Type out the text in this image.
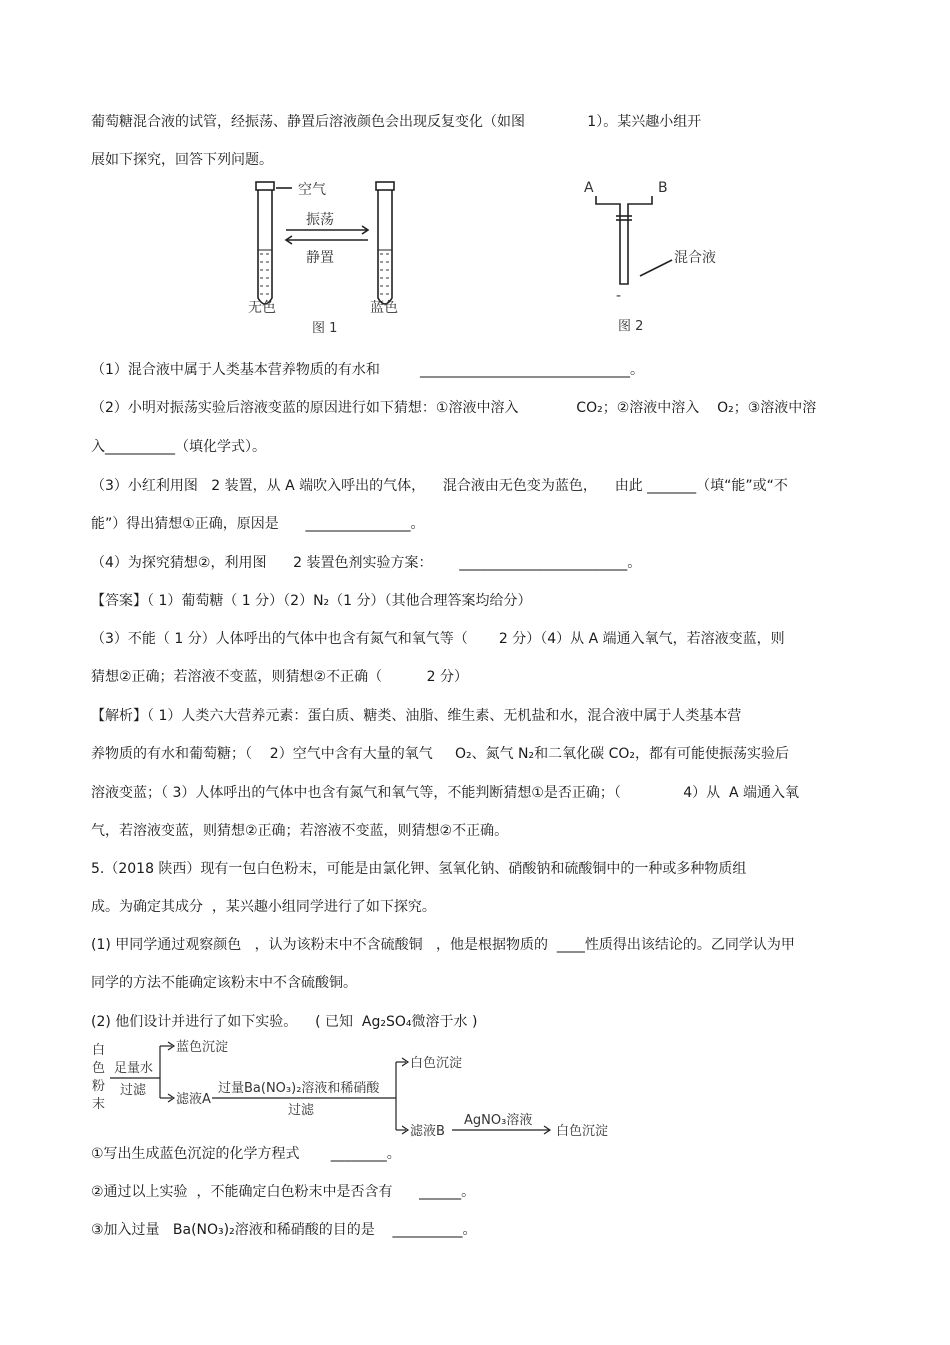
葡萄糖混合液的试管，经振荡、静置后溶液颜色会出现反复变化（如图              1）。某兴趣小组开
展如下探究，回答下列问题。
空气
振荡
静置
无色	蓝色
图 1
A	B
混合液
-
图 2
（1）混合液中属于人类基本营养物质的有水和         ______________________________。
（2）小明对振荡实验后溶液变蓝的原因进行如下猜想：①溶液中溶入             CO₂；②溶液中溶入    O₂；③溶液中溶
入__________（填化学式）。
（3）小红利用图   2 装置，从 A 端吹入呼出的气体，    混合液由无色变为蓝色，    由此 _______（填“能”或“不
能”）得出猜想①正确，原因是      _______________。
（4）为探究猜想②，利用图      2 装置色剂实验方案：      ________________________。
【答案】（ 1）葡萄糖（ 1 分）（2）N₂（1 分）（其他合理答案均给分）
（3）不能（ 1 分）人体呼出的气体中也含有氮气和氧气等（       2 分）（4）从 A 端通入氧气，若溶液变蓝，则
猜想②正确；若溶液不变蓝，则猜想②不正确（          2 分）
【解析】（ 1）人类六大营养元素：蛋白质、糖类、油脂、维生素、无机盐和水，混合液中属于人类基本营
养物质的有水和葡萄糖；（    2）空气中含有大量的氧气     O₂、氮气 N₂和二氧化碳 CO₂，都有可能使振荡实验后
溶液变蓝；（ 3）人体呼出的气体中也含有氮气和氧气等，不能判断猜想①是否正确；（              4）从  A 端通入氧
气，若溶液变蓝，则猜想②正确；若溶液不变蓝，则猜想②不正确。
5.（2018 陕西）现有一包白色粉末，可能是由氯化钾、氢氧化钠、硝酸钠和硫酸铜中的一种或多种物质组
成。为确定其成分  ，某兴趣小组同学进行了如下探究。
(1) 甲同学通过观察颜色   ，认为该粉末中不含硫酸铜   ，他是根据物质的  ____性质得出该结论的。乙同学认为甲
同学的方法不能确定该粉末中不含硫酸铜。
(2) 他们设计并进行了如下实验。    ( 已知  Ag₂SO₄微溶于水 )
白
色
粉
末
足量水
过滤
蓝色沉淀
滤液A
过量Ba(NO₃)₂溶液和稀硝酸
过滤
白色沉淀
滤液B
AgNO₃溶液
白色沉淀
①写出生成蓝色沉淀的化学方程式       ________。
②通过以上实验  ，不能确定白色粉末中是否含有      ______。
③加入过量   Ba(NO₃)₂溶液和稀硝酸的目的是    __________。
